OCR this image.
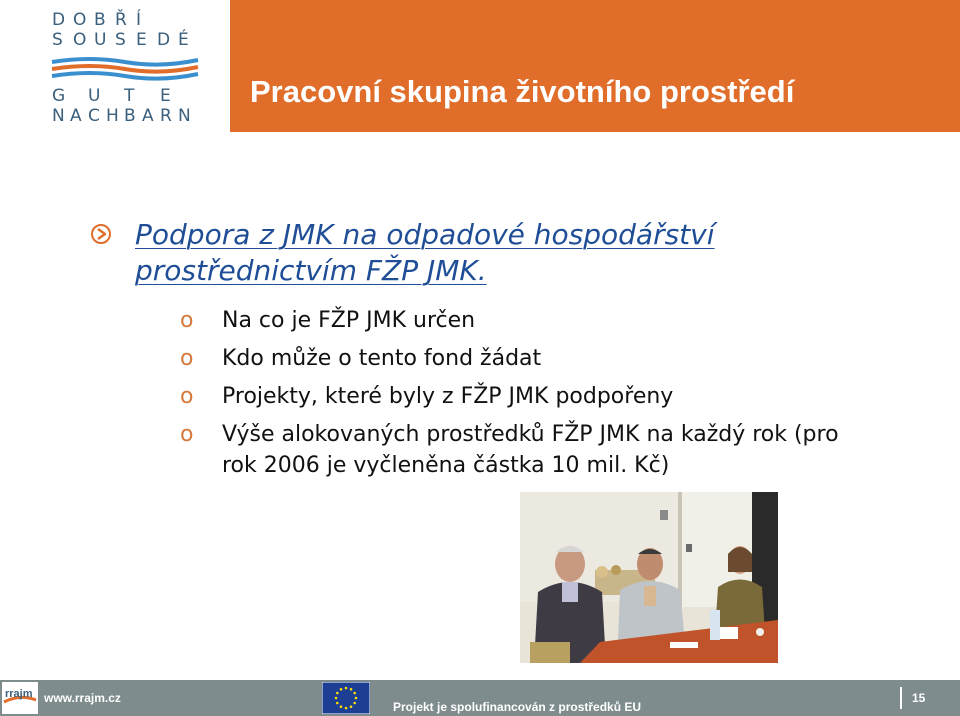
D O B Ř Í
S O U S E D É
G U T E
N A C H B A R N
Pracovní skupina životního prostředí

Podpora z JMK na odpadové hospodářství prostřednictvím FŽP JMK.

o Na co je FŽP JMK určen
o Kdo může o tento fond žádat
o Projekty, které byly z FŽP JMK podpořeny
o Výše alokovaných prostředků FŽP JMK na každý rok (pro rok 2006 je vyčleněna částka 10 mil. Kč)
rrajm www.rrajm.cz
Projekt je spolufinancován z prostředků EU
15
